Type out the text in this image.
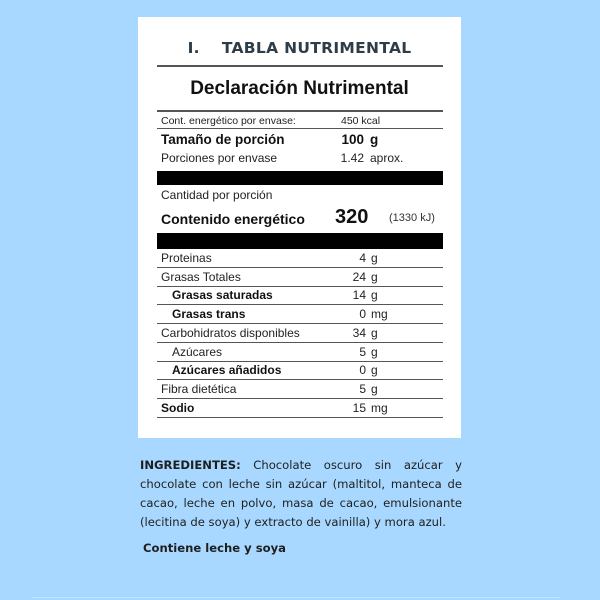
I. TABLA NUTRIMENTAL
Declaración Nutrimental
Cont. energético por envase:	450 kcal
Tamaño de porción	100 g
Porciones por envase	1.42 aprox.
Cantidad por porción
Contenido energético 320 (1330 kJ)
Proteinas	4 g
Grasas Totales	24 g
Grasas saturadas	14 g
Grasas trans	0 mg
Carbohidratos disponibles	34 g
Azúcares	5 g
Azúcares añadidos	0 g
Fibra dietética	5 g
Sodio	15 mg
INGREDIENTES: Chocolate oscuro sin azúcar y chocolate con leche sin azúcar (maltitol, manteca de cacao, leche en polvo, masa de cacao, emulsionante (lecitina de soya) y extracto de vainilla) y mora azul.
Contiene leche y soya
